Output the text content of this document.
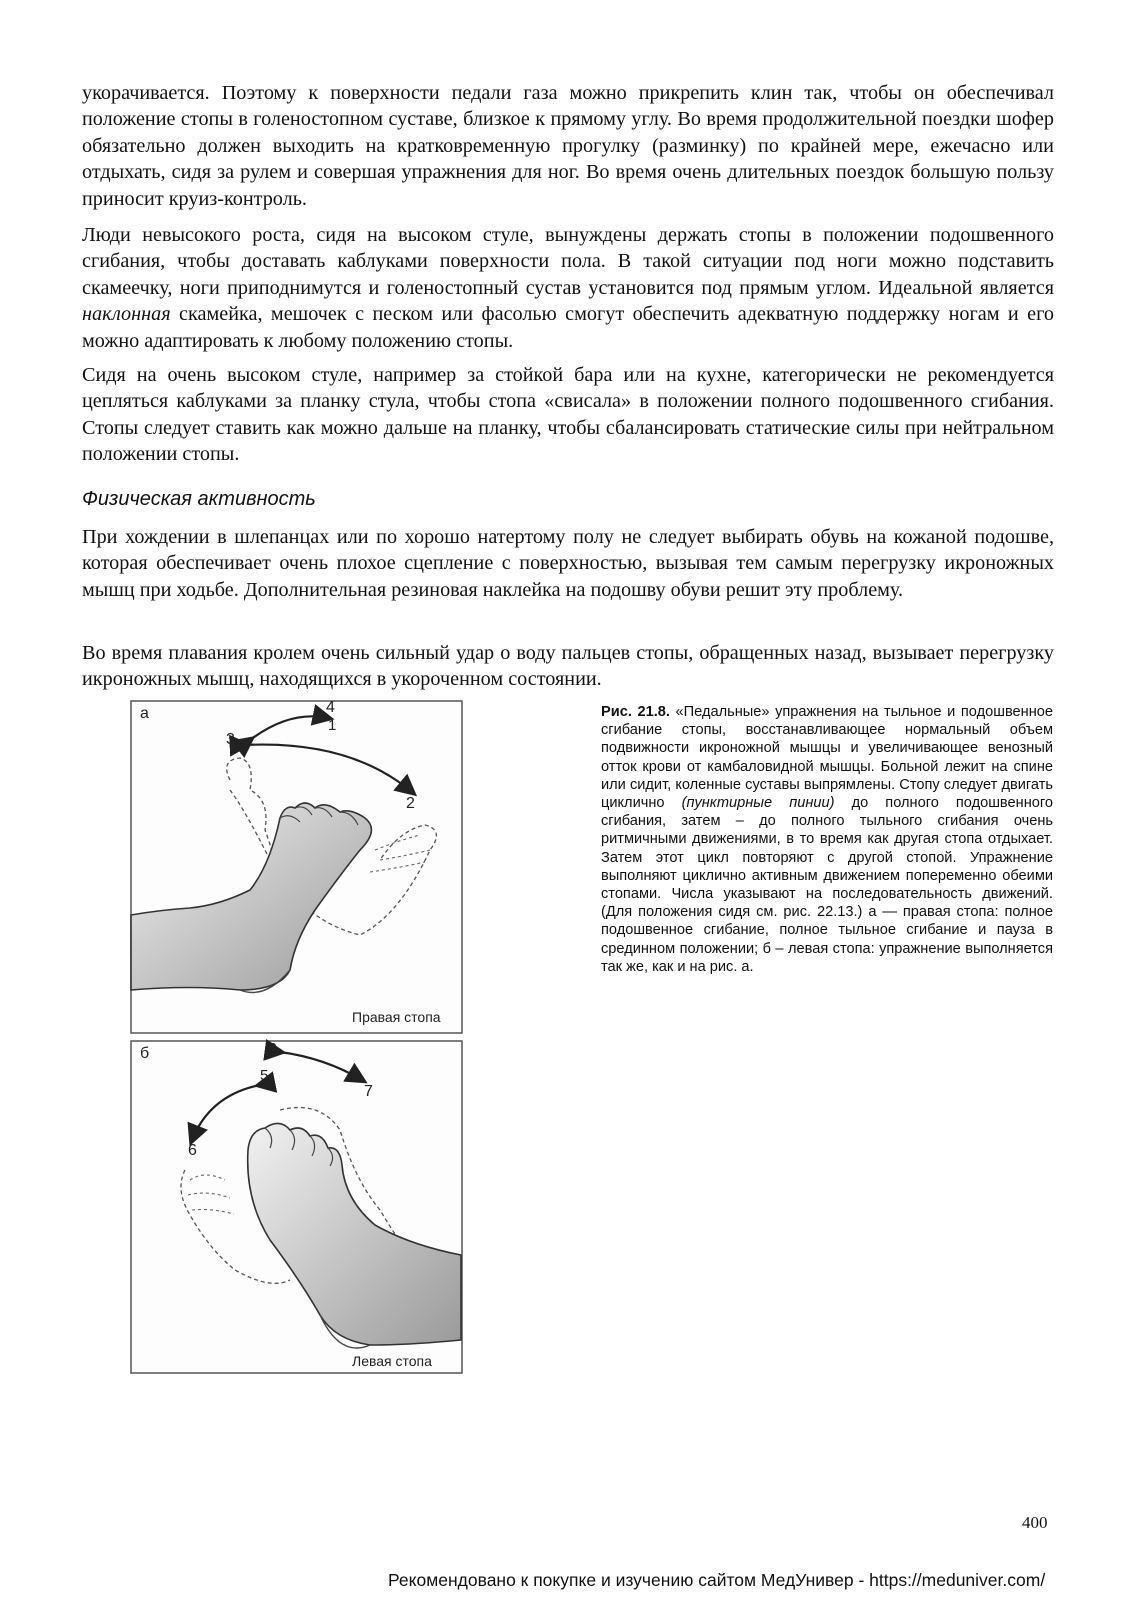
укорачивается. Поэтому к поверхности педали газа можно прикрепить клин так, чтобы он обеспечивал положение стопы в голеностопном суставе, близкое к прямому углу. Во время продолжительной поездки шофер обязательно должен выходить на кратковременную прогулку (разминку) по крайней мере, ежечасно или отдыхать, сидя за рулем и совершая упражнения для ног. Во время очень длительных поездок большую пользу приносит круиз-контроль.

Люди невысокого роста, сидя на высоком стуле, вынуждены держать стопы в положении подошвенного сгибания, чтобы доставать каблуками поверхности пола. В такой ситуации под ноги можно подставить скамеечку, ноги приподнимутся и голеностопный сустав установится под прямым углом. Идеальной является наклонная скамейка, мешочек с песком или фасолью смогут обеспечить адекватную поддержку ногам и его можно адаптировать к любому положению стопы.

Сидя на очень высоком стуле, например за стойкой бара или на кухне, категорически не рекомендуется цепляться каблуками за планку стула, чтобы стопа «свисала» в положении полного подошвенного сгибания. Стопы следует ставить как можно дальше на планку, чтобы сбалансировать статические силы при нейтральном положении стопы.

Физическая активность

При хождении в шлепанцах или по хорошо натертому полу не следует выбирать обувь на кожаной подошве, которая обеспечивает очень плохое сцепление с поверхностью, вызывая тем самым перегрузку икроножных мышц при ходьбе. Дополнительная резиновая наклейка на подошву обуви решит эту проблему.

Во время плавания кролем очень сильный удар о воду пальцев стопы, обращенных назад, вызывает перегрузку икроножных мышц, находящихся в укороченном состоянии.

а	4
1
3
2
Правая стопа
б	8
5
7
6
Левая стопа
Рис. 21.8. «Педальные» упражнения на тыльное и подошвенное сгибание стопы, восстанавливающее нормальный объем подвижности икроножной мышцы и увеличивающее венозный отток крови от камбаловидной мышцы. Больной лежит на спине или сидит, коленные суставы выпрямлены. Стопу следует двигать циклично (пунктирные пинии) до полного подошвенного сгибания, затем – до полного тыльного сгибания очень ритмичными движениями, в то время как другая стопа отдыхает. Затем этот цикл повторяют с другой стопой. Упражнение выполняют циклично активным движением попеременно обеими стопами. Числа указывают на последовательность движений. (Для положения сидя см. рис. 22.13.) а — правая стопа: полное подошвенное сгибание, полное тыльное сгибание и пауза в срединном положении; б – левая стопа: упражнение выполняется так же, как и на рис. а.
400
Рекомендовано к покупке и изучению сайтом МедУнивер - https://meduniver.com/
